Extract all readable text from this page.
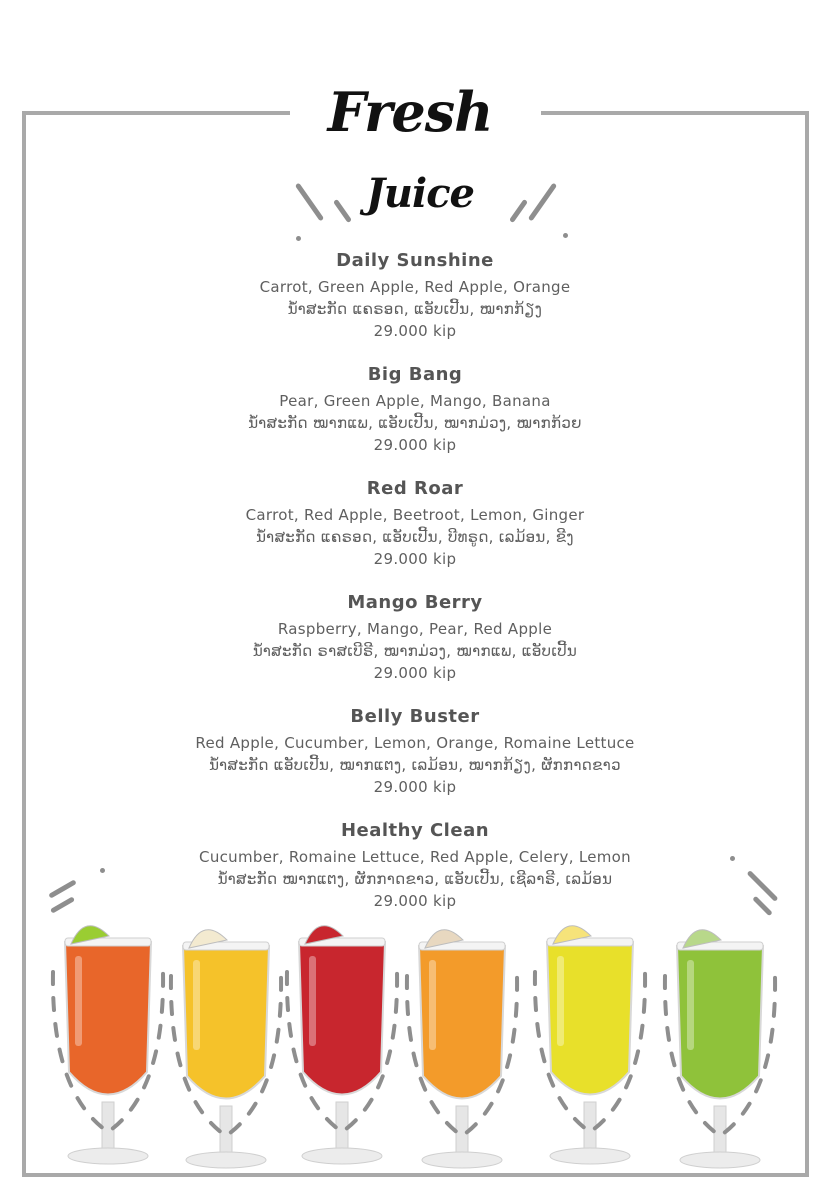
Fresh
Juice
Daily Sunshine
Carrot, Green Apple, Red Apple, Orange
ນ້ຳສະກັດ ແຄຣອດ, ແອັບເປີ້ນ, ໝາກກ້ຽງ
29.000 kip
Big Bang
Pear, Green Apple, Mango, Banana
ນ້ຳສະກັດ ໝາກແພ, ແອັບເປີ້ນ, ໝາກມ່ວງ, ໝາກກ້ວຍ
29.000 kip
Red Roar
Carrot, Red Apple, Beetroot, Lemon, Ginger
ນ້ຳສະກັດ ແຄຣອດ, ແອັບເປີ້ນ, ບີທຣູດ, ເລມ້ອນ, ຂີງ
29.000 kip
Mango Berry
Raspberry, Mango, Pear, Red Apple
ນ້ຳສະກັດ ຣາສເບີຣີ, ໝາກມ່ວງ, ໝາກແພ, ແອັບເປີ້ນ
29.000 kip
Belly Buster
Red Apple, Cucumber, Lemon, Orange, Romaine Lettuce
ນ້ຳສະກັດ ແອັບເປີ້ນ, ໝາກແຕງ, ເລມ້ອນ, ໝາກກ້ຽງ, ຜັກກາດຂາວ
29.000 kip
Healthy Clean
Cucumber, Romaine Lettuce, Red Apple, Celery, Lemon
ນ້ຳສະກັດ ໝາກແຕງ, ຜັກກາດຂາວ, ແອັບເປີ້ນ, ເຊີລາຣີ, ເລມ້ອນ
29.000 kip
